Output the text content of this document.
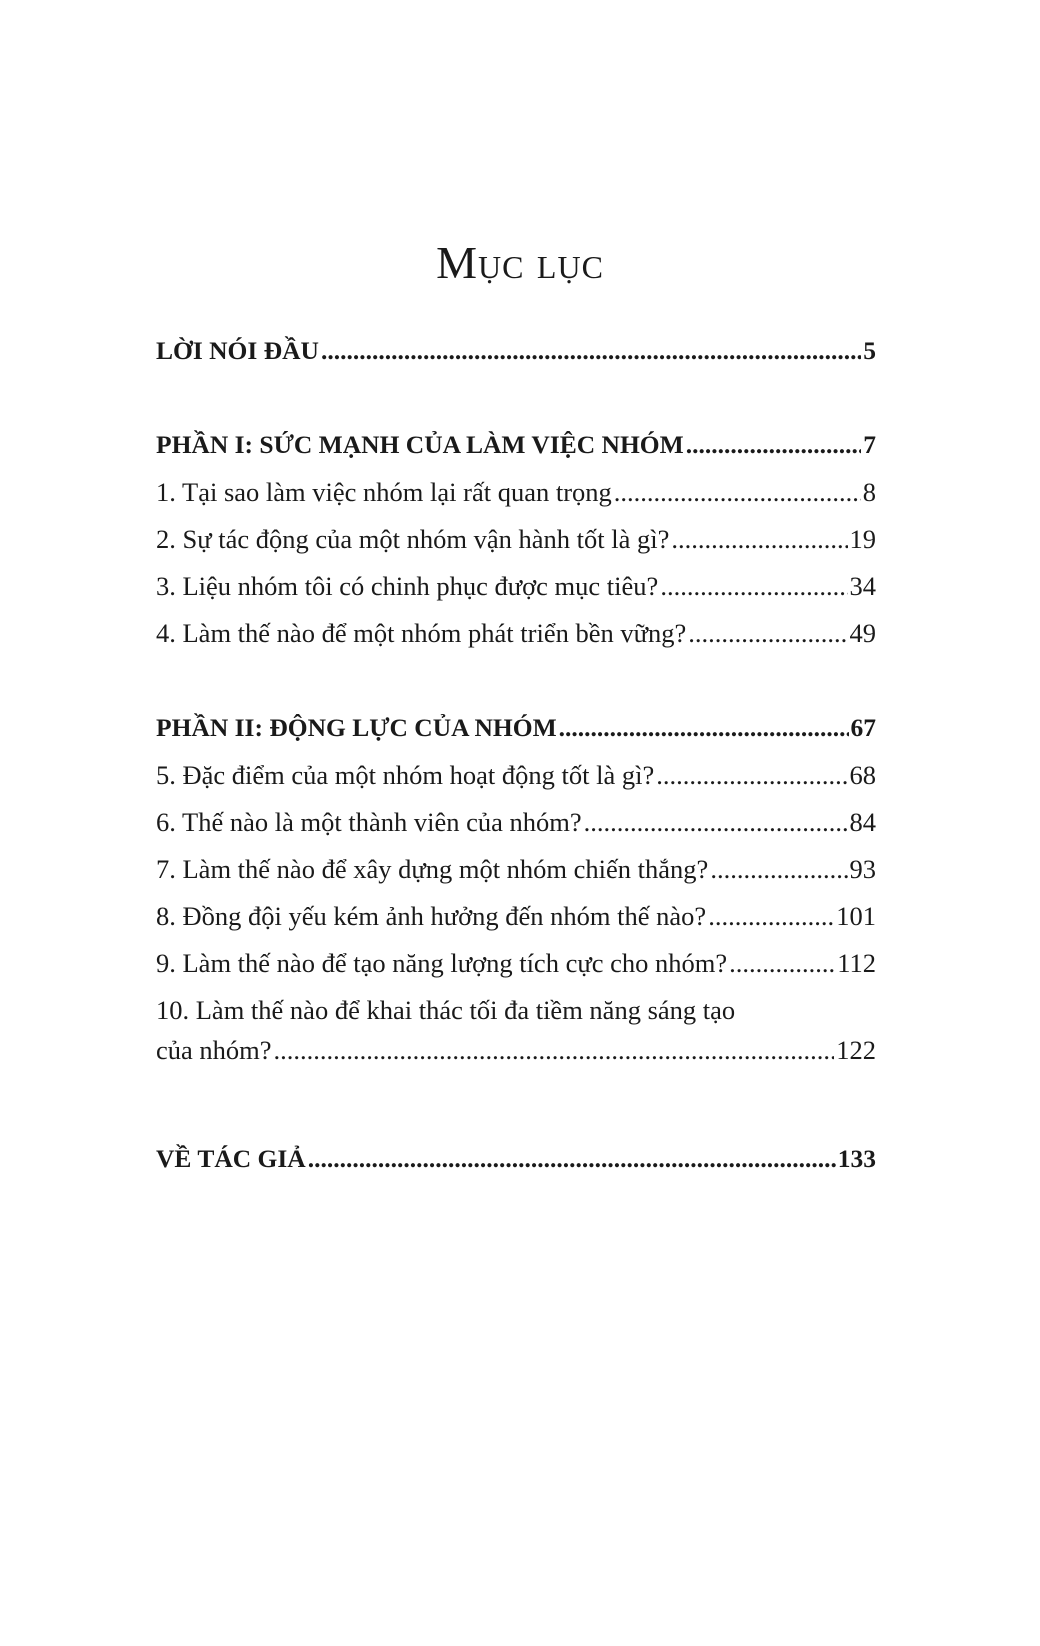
Mục lục
LỜI NÓI ĐẦU .....	5
PHẦN I: SỨC MẠNH CỦA LÀM VIỆC NHÓM .....	7
1. Tại sao làm việc nhóm lại rất quan trọng .....	8
2. Sự tác động của một nhóm vận hành tốt là gì? .....	19
3. Liệu nhóm tôi có chinh phục được mục tiêu? .....	34
4. Làm thế nào để một nhóm phát triển bền vững? .....	49
PHẦN II: ĐỘNG LỰC CỦA NHÓM .....	67
5. Đặc điểm của một nhóm hoạt động tốt là gì? .....	68
6. Thế nào là một thành viên của nhóm? .....	84
7. Làm thế nào để xây dựng một nhóm chiến thắng? .....	93
8. Đồng đội yếu kém ảnh hưởng đến nhóm thế nào? .....	101
9. Làm thế nào để tạo năng lượng tích cực cho nhóm? .....	112
10. Làm thế nào để khai thác tối đa tiềm năng sáng tạo
của nhóm? .....	122
VỀ TÁC GIẢ .....	133
